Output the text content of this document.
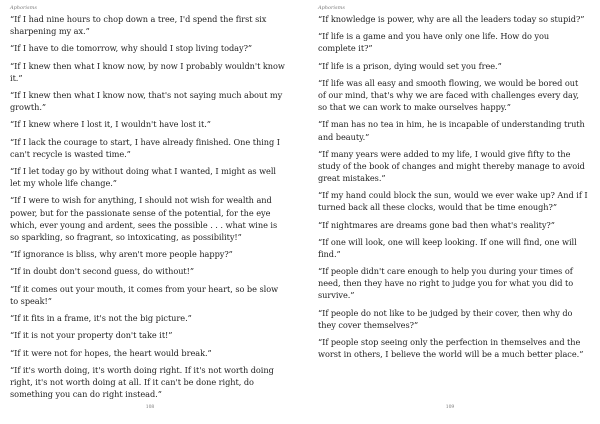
Aphorisms

“If I had nine hours to chop down a tree, I'd spend the first six sharpening my ax.”

“If I have to die tomorrow, why should I stop living today?”

“If I knew then what I know now, by now I probably wouldn't know it.”

“If I knew then what I know now, that's not saying much about my growth.”

“If I knew where I lost it, I wouldn't have lost it.”

“If I lack the courage to start, I have already finished. One thing I can't recycle is wasted time.”

“If I let today go by without doing what I wanted, I might as well let my whole life change.”

“If I were to wish for anything, I should not wish for wealth and power, but for the passionate sense of the potential, for the eye which, ever young and ardent, sees the possible . . . what wine is so sparkling, so fragrant, so intoxicating, as possibility!”

“If ignorance is bliss, why aren't more people happy?”

“If in doubt don't second guess, do without!”

“If it comes out your mouth, it comes from your heart, so be slow to speak!”

“If it fits in a frame, it's not the big picture.”

“If it is not your property don't take it!”

“If it were not for hopes, the heart would break.”

“If it's worth doing, it's worth doing right. If it's not worth doing right, it's not worth doing at all. If it can't be done right, do something you can do right instead.”

108
Aphorisms

“If knowledge is power, why are all the leaders today so stupid?”

“If life is a game and you have only one life. How do you complete it?”

“If life is a prison, dying would set you free.”

“If life was all easy and smooth flowing, we would be bored out of our mind, that's why we are faced with challenges every day, so that we can work to make ourselves happy.”

“If man has no tea in him, he is incapable of understanding truth and beauty.”

“If many years were added to my life, I would give fifty to the study of the book of changes and might thereby manage to avoid great mistakes.”

“If my hand could block the sun, would we ever wake up? And if I turned back all these clocks, would that be time enough?”

“If nightmares are dreams gone bad then what's reality?”

“If one will look, one will keep looking. If one will find, one will find.”

“If people didn't care enough to help you during your times of need, then they have no right to judge you for what you did to survive.”

“If people do not like to be judged by their cover, then why do they cover themselves?”

“If people stop seeing only the perfection in themselves and the worst in others, I believe the world will be a much better place.”

109
